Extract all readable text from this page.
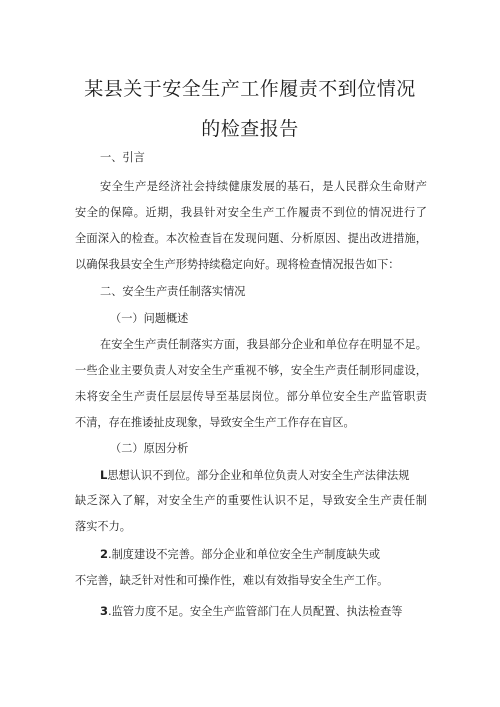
某县关于安全生产工作履责不到位情况
的检查报告
一、引言
安全生产是经济社会持续健康发展的基石，是人民群众生命财产
安全的保障。近期，我县针对安全生产工作履责不到位的情况进行了
全面深入的检查。本次检查旨在发现问题、分析原因、提出改进措施，
以确保我县安全生产形势持续稳定向好。现将检查情况报告如下：
二、安全生产责任制落实情况
（一）问题概述
在安全生产责任制落实方面，我县部分企业和单位存在明显不足。
一些企业主要负责人对安全生产重视不够，安全生产责任制形同虚设，
未将安全生产责任层层传导至基层岗位。部分单位安全生产监管职责
不清，存在推诿扯皮现象，导致安全生产工作存在盲区。
（二）原因分析
L思想认识不到位。部分企业和单位负责人对安全生产法律法规
缺乏深入了解，对安全生产的重要性认识不足，导致安全生产责任制
落实不力。
2.制度建设不完善。部分企业和单位安全生产制度缺失或
不完善，缺乏针对性和可操作性，难以有效指导安全生产工作。
3.监管力度不足。安全生产监管部门在人员配置、执法检查等
